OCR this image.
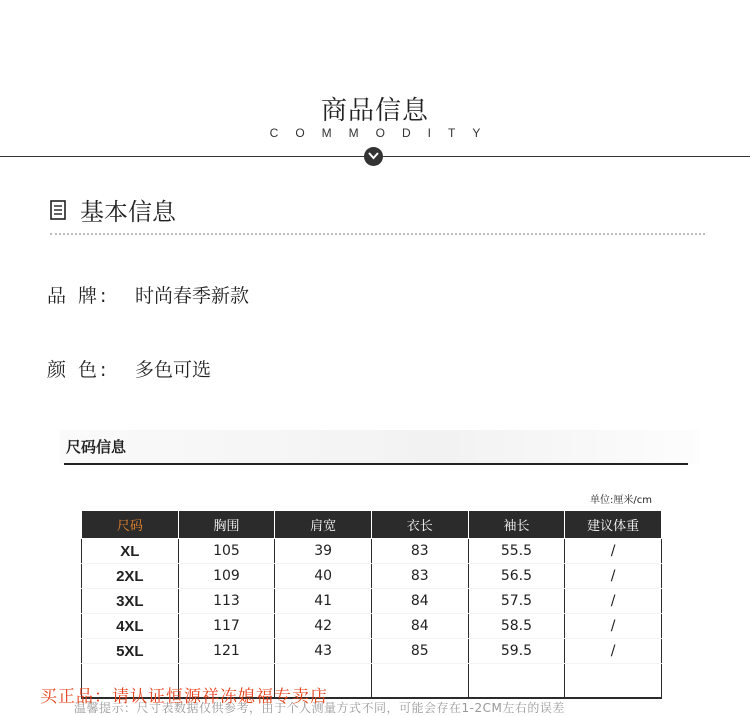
商品信息
COMMODITY
基本信息
品 牌: 时尚春季新款
颜 色: 多色可选
尺码信息
单位:厘米/cm
尺码	胸围	肩宽	衣长	袖长	建议体重
XL	105	39	83	55.5	/
2XL	109	40	83	56.5	/
3XL	113	41	84	57.5	/
4XL	117	42	84	58.5	/
5XL	121	43	85	59.5	/

温馨提示：尺寸表数据仅供参考，由于个人测量方式不同，可能会存在1-2CM左右的误差
买正品：请认证恒源祥冻媳福专卖店
